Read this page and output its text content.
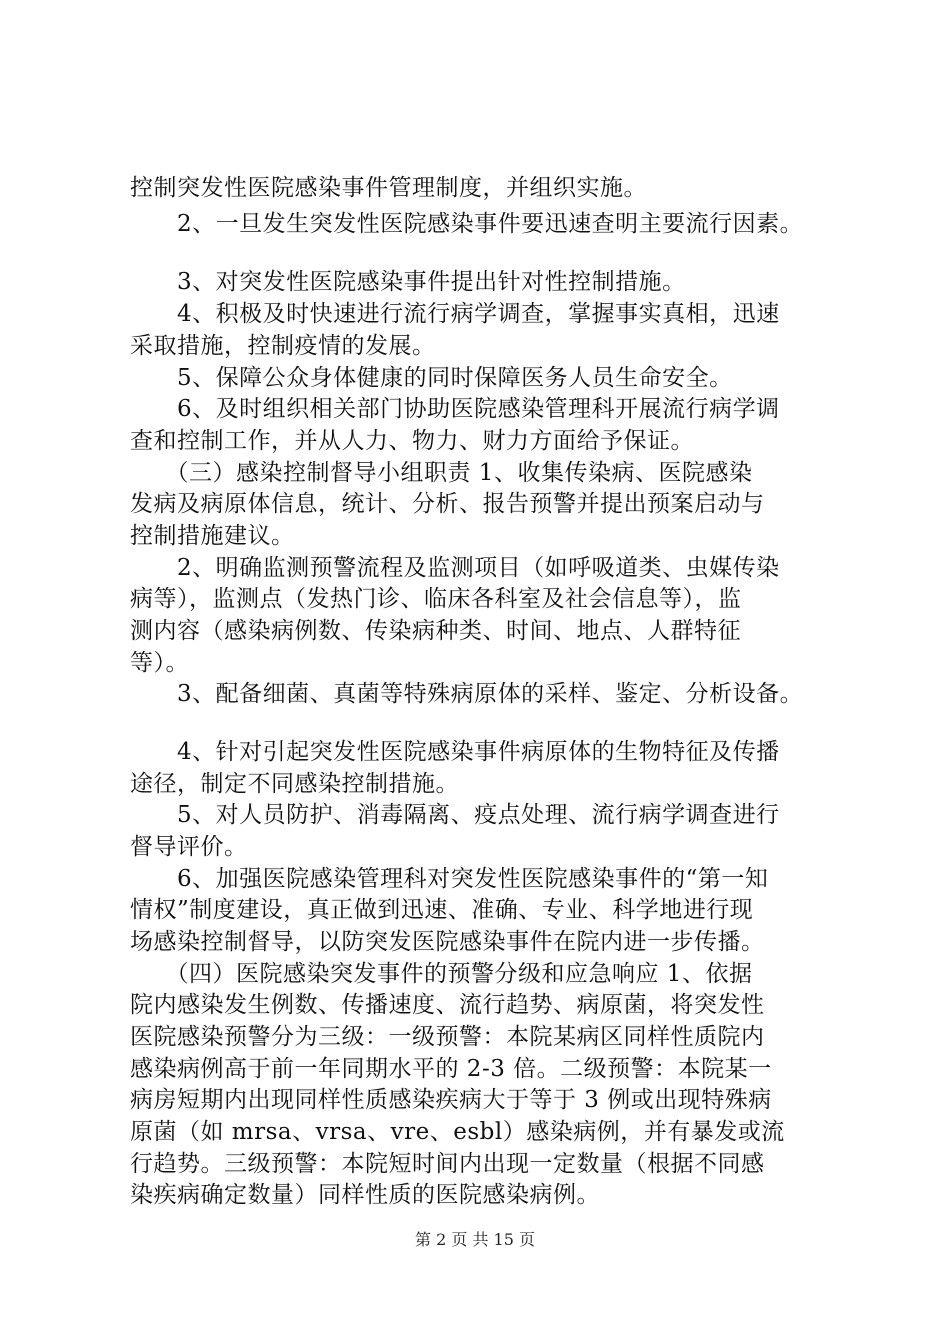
控制突发性医院感染事件管理制度，并组织实施。
　　2、一旦发生突发性医院感染事件要迅速查明主要流行因素。
　　3、对突发性医院感染事件提出针对性控制措施。
　　4、积极及时快速进行流行病学调查，掌握事实真相，迅速
采取措施，控制疫情的发展。
　　5、保障公众身体健康的同时保障医务人员生命安全。
　　6、及时组织相关部门协助医院感染管理科开展流行病学调
查和控制工作，并从人力、物力、财力方面给予保证。
　　（三）感染控制督导小组职责 1、收集传染病、医院感染
发病及病原体信息，统计、分析、报告预警并提出预案启动与
控制措施建议。
　　2、明确监测预警流程及监测项目（如呼吸道类、虫媒传染
病等），监测点（发热门诊、临床各科室及社会信息等），监
测内容（感染病例数、传染病种类、时间、地点、人群特征
等）。
　　3、配备细菌、真菌等特殊病原体的采样、鉴定、分析设备。
　　4、针对引起突发性医院感染事件病原体的生物特征及传播
途径，制定不同感染控制措施。
　　5、对人员防护、消毒隔离、疫点处理、流行病学调查进行
督导评价。
　　6、加强医院感染管理科对突发性医院感染事件的“第一知
情权”制度建设，真正做到迅速、准确、专业、科学地进行现
场感染控制督导，以防突发医院感染事件在院内进一步传播。
　　（四）医院感染突发事件的预警分级和应急响应 1、依据
院内感染发生例数、传播速度、流行趋势、病原菌，将突发性
医院感染预警分为三级：一级预警：本院某病区同样性质院内
感染病例高于前一年同期水平的 2-3 倍。二级预警：本院某一
病房短期内出现同样性质感染疾病大于等于 3 例或出现特殊病
原菌（如 mrsa、vrsa、vre、esbl）感染病例，并有暴发或流
行趋势。三级预警：本院短时间内出现一定数量（根据不同感
染疾病确定数量）同样性质的医院感染病例。
第 2 页 共 15 页
